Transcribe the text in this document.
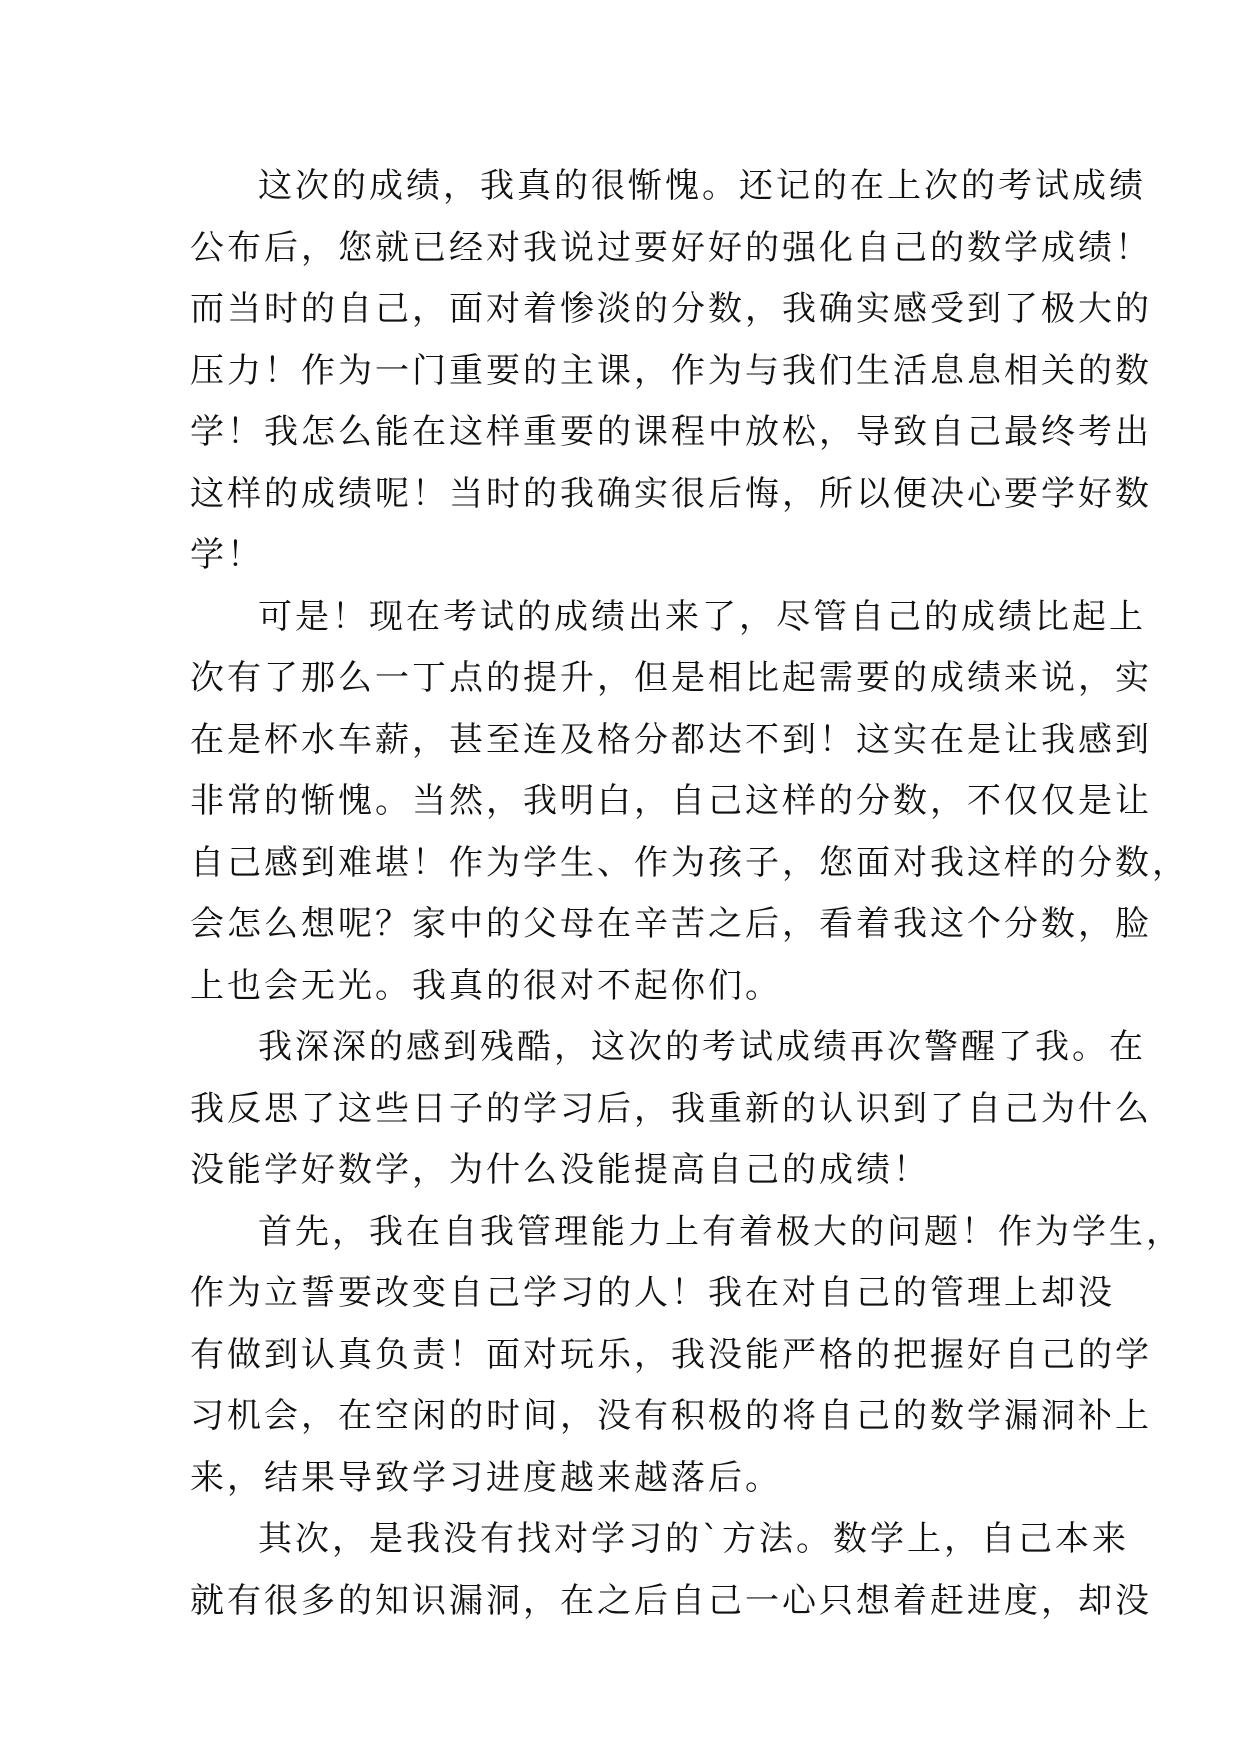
这次的成绩，我真的很惭愧。还记的在上次的考试成绩
公布后，您就已经对我说过要好好的强化自己的数学成绩！
而当时的自己，面对着惨淡的分数，我确实感受到了极大的
压力！作为一门重要的主课，作为与我们生活息息相关的数
学！我怎么能在这样重要的课程中放松，导致自己最终考出
这样的成绩呢！当时的我确实很后悔，所以便决心要学好数
学！

可是！现在考试的成绩出来了，尽管自己的成绩比起上
次有了那么一丁点的提升，但是相比起需要的成绩来说，实
在是杯水车薪，甚至连及格分都达不到！这实在是让我感到
非常的惭愧。当然，我明白，自己这样的分数，不仅仅是让
自己感到难堪！作为学生、作为孩子，您面对我这样的分数，
会怎么想呢？家中的父母在辛苦之后，看着我这个分数，脸
上也会无光。我真的很对不起你们。

我深深的感到残酷，这次的考试成绩再次警醒了我。在
我反思了这些日子的学习后，我重新的认识到了自己为什么
没能学好数学，为什么没能提高自己的成绩！

首先，我在自我管理能力上有着极大的问题！作为学生，
作为立誓要改变自己学习的人！我在对自己的管理上却没
有做到认真负责！面对玩乐，我没能严格的把握好自己的学
习机会，在空闲的时间，没有积极的将自己的数学漏洞补上
来，结果导致学习进度越来越落后。

其次，是我没有找对学习的`方法。数学上，自己本来
就有很多的知识漏洞，在之后自己一心只想着赶进度，却没
